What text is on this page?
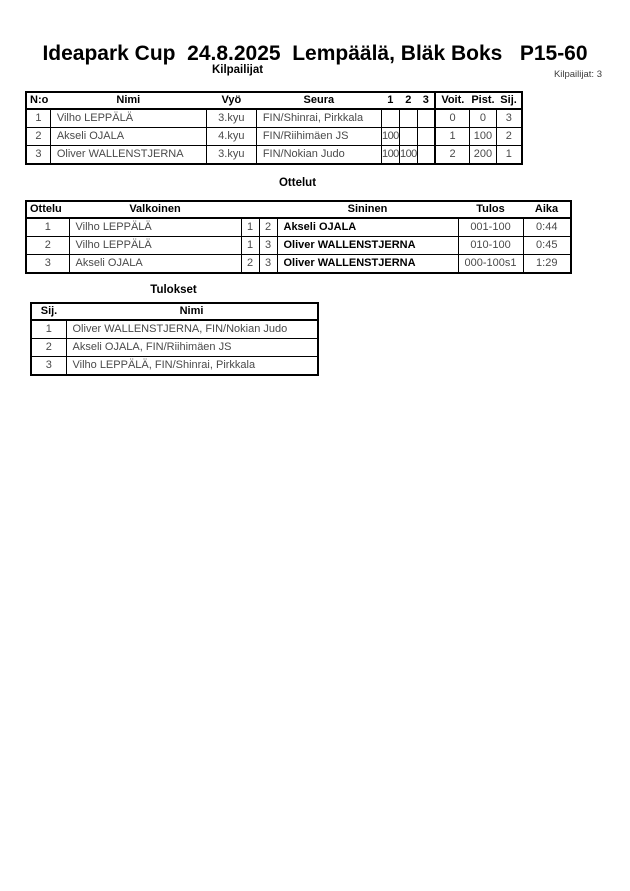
Ideapark Cup  24.8.2025  Lempäälä, Bläk Boks   P15-60
Kilpailijat	Kilpailijat: 3
N:o	Nimi	Vyö	Seura	1	2	3	Voit.	Pist.	Sij.
1	Vilho LEPPÄLÄ	3.kyu	FIN/Shinrai, Pirkkala				0	0	3
2	Akseli OJALA	4.kyu	FIN/Riihimäen JS	100			1	100	2
3	Oliver WALLENSTJERNA	3.kyu	FIN/Nokian Judo	100	100		2	200	1
Ottelut
Ottelu	Valkoinen			Sininen	Tulos	Aika
1	Vilho LEPPÄLÄ	1	2	Akseli OJALA	001-100	0:44
2	Vilho LEPPÄLÄ	1	3	Oliver WALLENSTJERNA	010-100	0:45
3	Akseli OJALA	2	3	Oliver WALLENSTJERNA	000-100s1	1:29
Tulokset
Sij.	Nimi
1	Oliver WALLENSTJERNA, FIN/Nokian Judo
2	Akseli OJALA, FIN/Riihimäen JS
3	Vilho LEPPÄLÄ, FIN/Shinrai, Pirkkala
